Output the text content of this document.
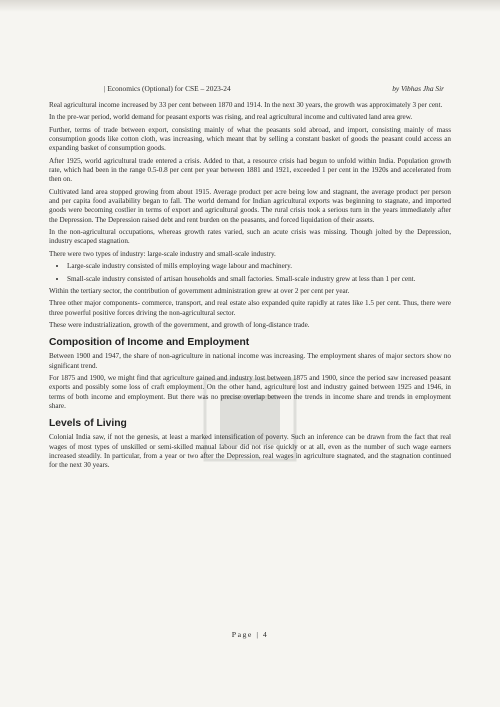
| Economics (Optional) for CSE – 2023-24	by Vibhas Jha Sir

Real agricultural income increased by 33 per cent between 1870 and 1914. In the next 30 years, the growth was approximately 3 per cent.

In the pre-war period, world demand for peasant exports was rising, and real agricultural income and cultivated land area grew.

Further, terms of trade between export, consisting mainly of what the peasants sold abroad, and import, consisting mainly of mass consumption goods like cotton cloth, was increasing, which meant that by selling a constant basket of goods the peasant could access an expanding basket of consumption goods.

After 1925, world agricultural trade entered a crisis. Added to that, a resource crisis had begun to unfold within India. Population growth rate, which had been in the range 0.5-0.8 per cent per year between 1881 and 1921, exceeded 1 per cent in the 1920s and accelerated from then on.

Cultivated land area stopped growing from about 1915. Average product per acre being low and stagnant, the average product per person and per capita food availability began to fall. The world demand for Indian agricultural exports was beginning to stagnate, and imported goods were becoming costlier in terms of export and agricultural goods. The rural crisis took a serious turn in the years immediately after the Depression. The Depression raised debt and rent burden on the peasants, and forced liquidation of their assets.

In the non-agricultural occupations, whereas growth rates varied, such an acute crisis was missing. Though jolted by the Depression, industry escaped stagnation.

There were two types of industry: large-scale industry and small-scale industry.

• Large-scale industry consisted of mills employing wage labour and machinery.
• Small-scale industry consisted of artisan households and small factories. Small-scale industry grew at less than 1 per cent.

Within the tertiary sector, the contribution of government administration grew at over 2 per cent per year.

Three other major components- commerce, transport, and real estate also expanded quite rapidly at rates like 1.5 per cent. Thus, there were three powerful positive forces driving the non-agricultural sector.

These were industrialization, growth of the government, and growth of long-distance trade.

Composition of Income and Employment

Between 1900 and 1947, the share of non-agriculture in national income was increasing. The employment shares of major sectors show no significant trend.

For 1875 and 1900, we might find that agriculture gained and industry lost between 1875 and 1900, since the period saw increased peasant exports and possibly some loss of craft employment. On the other hand, agriculture lost and industry gained between 1925 and 1946, in terms of both income and employment. But there was no precise overlap between the trends in income share and trends in employment share.

Levels of Living

Colonial India saw, if not the genesis, at least a marked intensification of poverty. Such an inference can be drawn from the fact that real wages of most types of unskilled or semi-skilled manual labour did not rise quickly or at all, even as the number of such wage earners increased steadily. In particular, from a year or two after the Depression, real wages in agriculture stagnated, and the stagnation continued for the next 30 years.

Page | 4
